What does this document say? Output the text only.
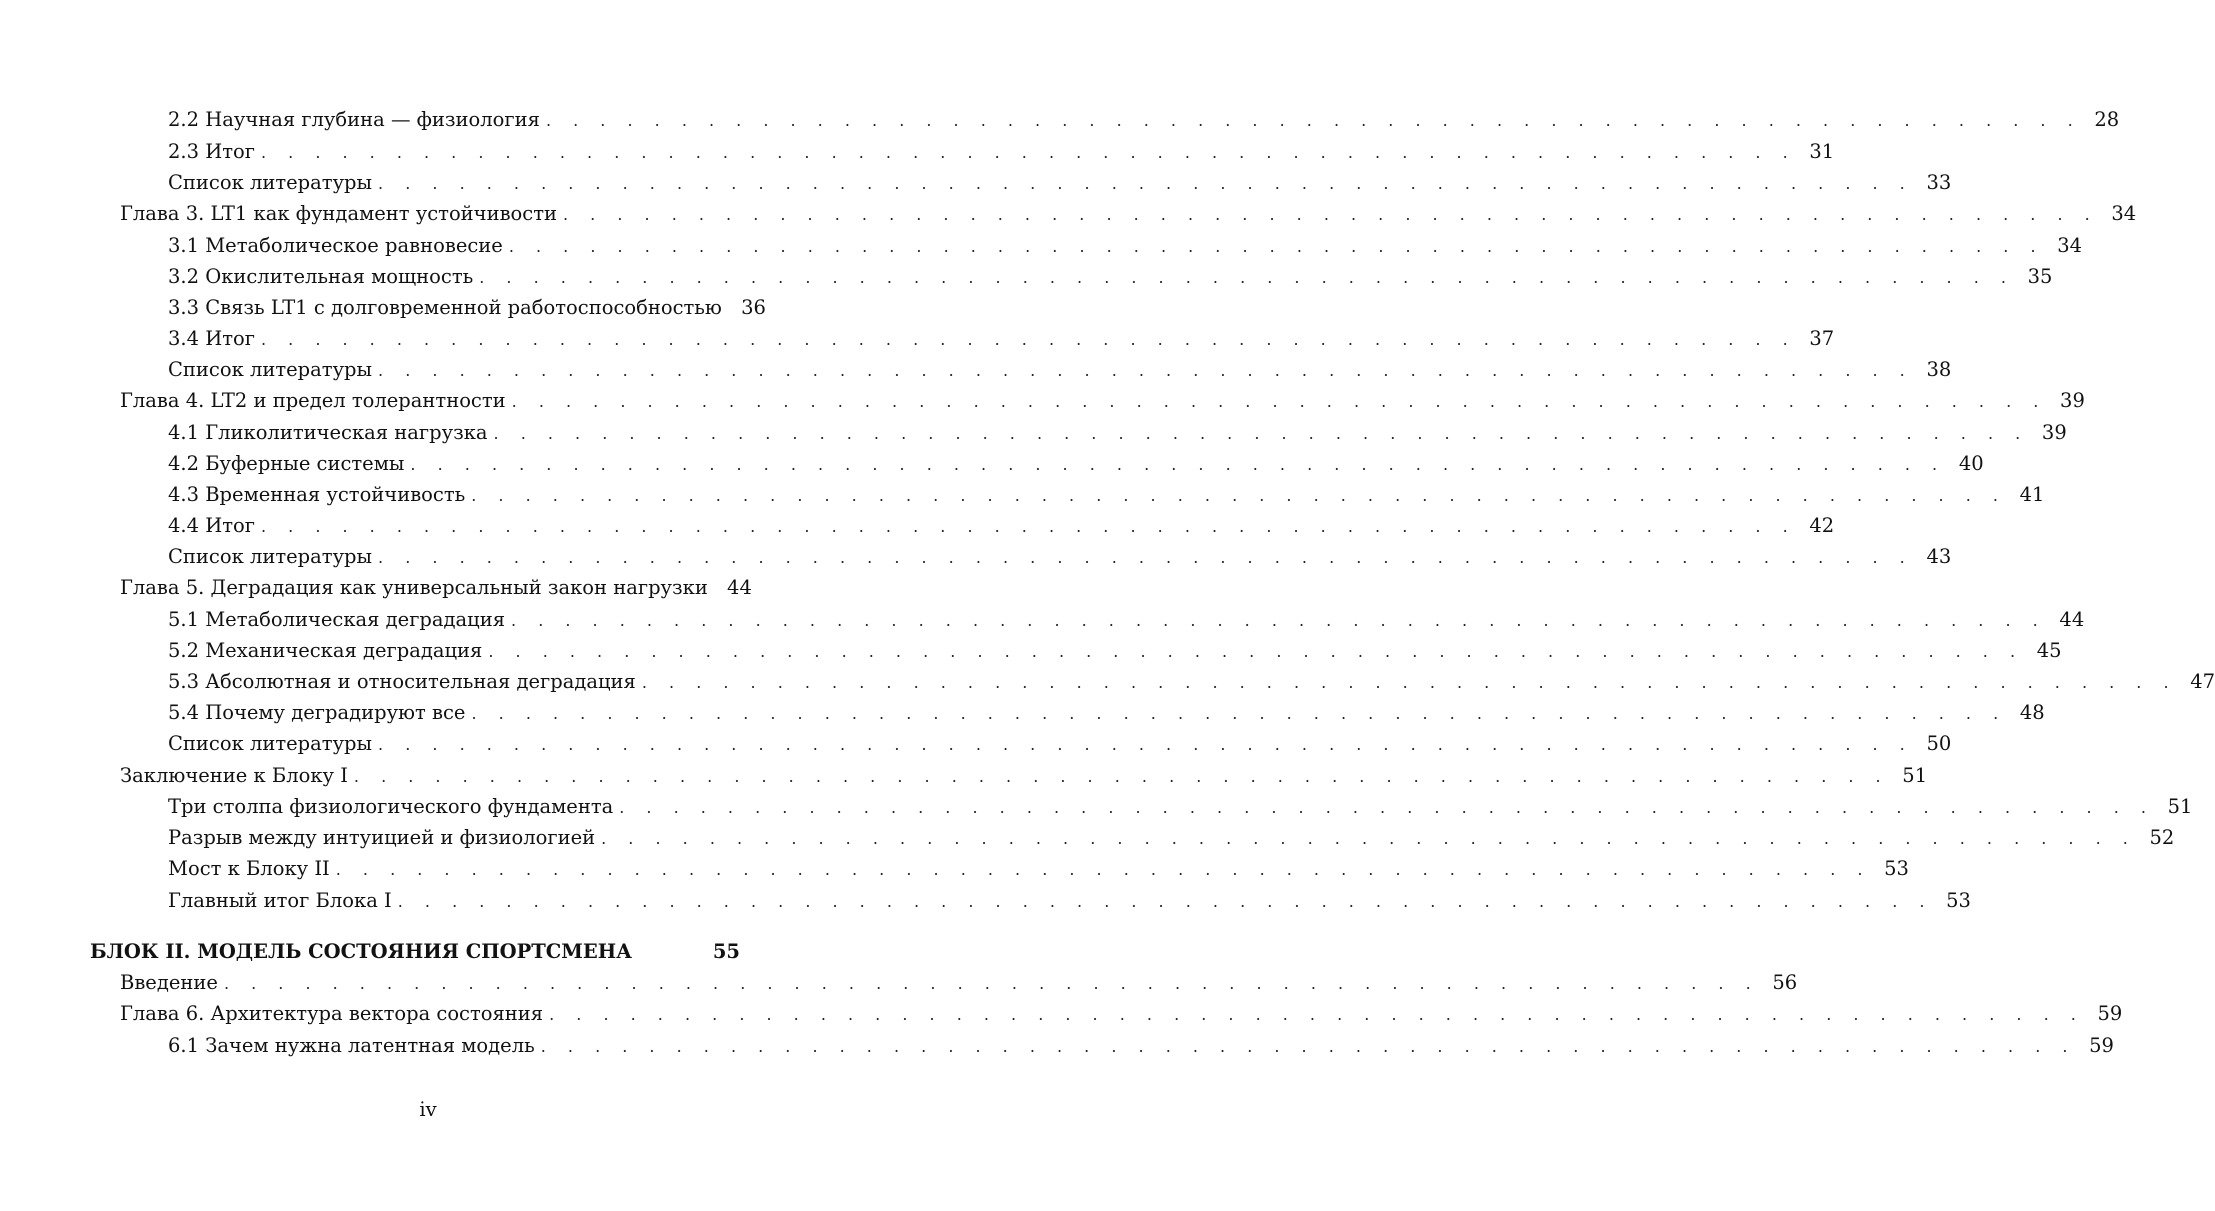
2.2 Научная глубина — физиология . . . . . . . . . . . . . . . . . . . . . . . . . . . . . . . . . . . . . . . . . . . . . . . . . . . . . . . . . 28
2.3 Итог . . . . . . . . . . . . . . . . . . . . . . . . . . . . . . . . . . . . . . . . . . . . . . . . . . . . . . . . . 31
Список литературы . . . . . . . . . . . . . . . . . . . . . . . . . . . . . . . . . . . . . . . . . . . . . . . . . . . . . . . . . 33
Глава 3. LT1 как фундамент устойчивости . . . . . . . . . . . . . . . . . . . . . . . . . . . . . . . . . . . . . . . . . . . . . . . . . . . . . . . . . 34
3.1 Метаболическое равновесие . . . . . . . . . . . . . . . . . . . . . . . . . . . . . . . . . . . . . . . . . . . . . . . . . . . . . . . . . 34
3.2 Окислительная мощность . . . . . . . . . . . . . . . . . . . . . . . . . . . . . . . . . . . . . . . . . . . . . . . . . . . . . . . . . 35
3.3 Связь LT1 с долговременной работоспособностью 36
3.4 Итог . . . . . . . . . . . . . . . . . . . . . . . . . . . . . . . . . . . . . . . . . . . . . . . . . . . . . . . . . 37
Список литературы . . . . . . . . . . . . . . . . . . . . . . . . . . . . . . . . . . . . . . . . . . . . . . . . . . . . . . . . . 38
Глава 4. LT2 и предел толерантности . . . . . . . . . . . . . . . . . . . . . . . . . . . . . . . . . . . . . . . . . . . . . . . . . . . . . . . . . 39
4.1 Гликолитическая нагрузка . . . . . . . . . . . . . . . . . . . . . . . . . . . . . . . . . . . . . . . . . . . . . . . . . . . . . . . . . 39
4.2 Буферные системы . . . . . . . . . . . . . . . . . . . . . . . . . . . . . . . . . . . . . . . . . . . . . . . . . . . . . . . . . 40
4.3 Временная устойчивость . . . . . . . . . . . . . . . . . . . . . . . . . . . . . . . . . . . . . . . . . . . . . . . . . . . . . . . . . 41
4.4 Итог . . . . . . . . . . . . . . . . . . . . . . . . . . . . . . . . . . . . . . . . . . . . . . . . . . . . . . . . . 42
Список литературы . . . . . . . . . . . . . . . . . . . . . . . . . . . . . . . . . . . . . . . . . . . . . . . . . . . . . . . . . 43
Глава 5. Деградация как универсальный закон нагрузки 44
5.1 Метаболическая деградация . . . . . . . . . . . . . . . . . . . . . . . . . . . . . . . . . . . . . . . . . . . . . . . . . . . . . . . . . 44
5.2 Механическая деградация . . . . . . . . . . . . . . . . . . . . . . . . . . . . . . . . . . . . . . . . . . . . . . . . . . . . . . . . . 45
5.3 Абсолютная и относительная деградация . . . . . . . . . . . . . . . . . . . . . . . . . . . . . . . . . . . . . . . . . . . . . . . . . . . . . . . . . 47
5.4 Почему деградируют все . . . . . . . . . . . . . . . . . . . . . . . . . . . . . . . . . . . . . . . . . . . . . . . . . . . . . . . . . 48
Список литературы . . . . . . . . . . . . . . . . . . . . . . . . . . . . . . . . . . . . . . . . . . . . . . . . . . . . . . . . . 50
Заключение к Блоку I . . . . . . . . . . . . . . . . . . . . . . . . . . . . . . . . . . . . . . . . . . . . . . . . . . . . . . . . . 51
Три столпа физиологического фундамента . . . . . . . . . . . . . . . . . . . . . . . . . . . . . . . . . . . . . . . . . . . . . . . . . . . . . . . . . 51
Разрыв между интуицией и физиологией . . . . . . . . . . . . . . . . . . . . . . . . . . . . . . . . . . . . . . . . . . . . . . . . . . . . . . . . . 52
Мост к Блоку II . . . . . . . . . . . . . . . . . . . . . . . . . . . . . . . . . . . . . . . . . . . . . . . . . . . . . . . . . 53
Главный итог Блока I . . . . . . . . . . . . . . . . . . . . . . . . . . . . . . . . . . . . . . . . . . . . . . . . . . . . . . . . . 53
БЛОК II. МОДЕЛЬ СОСТОЯНИЯ СПОРТСМЕНА	55
Введение . . . . . . . . . . . . . . . . . . . . . . . . . . . . . . . . . . . . . . . . . . . . . . . . . . . . . . . . . 56
Глава 6. Архитектура вектора состояния . . . . . . . . . . . . . . . . . . . . . . . . . . . . . . . . . . . . . . . . . . . . . . . . . . . . . . . . . 59
6.1 Зачем нужна латентная модель . . . . . . . . . . . . . . . . . . . . . . . . . . . . . . . . . . . . . . . . . . . . . . . . . . . . . . . . . 59
iv
